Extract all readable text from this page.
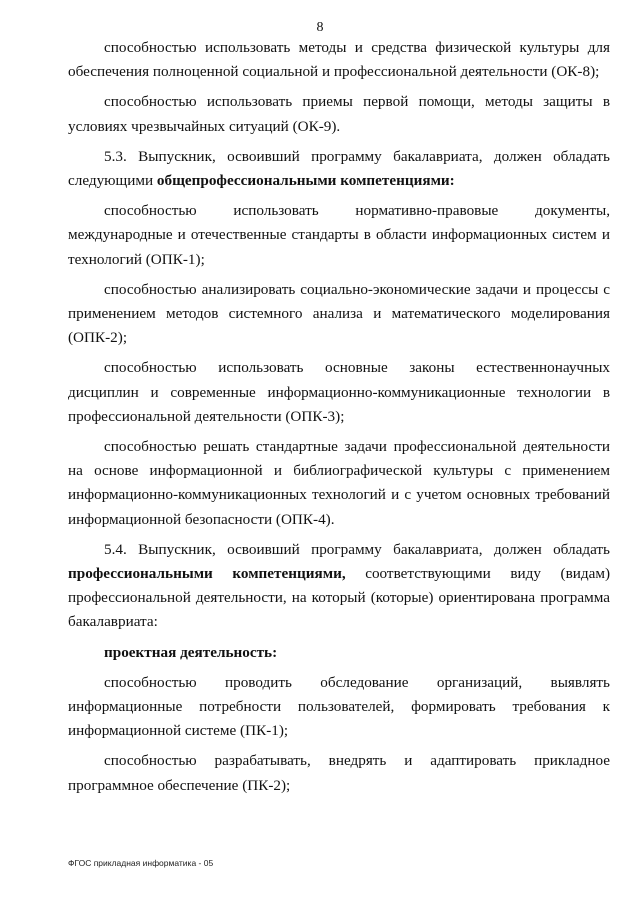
8

способностью использовать методы и средства физической культуры для обеспечения полноценной социальной и профессиональной деятельности (ОК-8);

способностью использовать приемы первой помощи, методы защиты в условиях чрезвычайных ситуаций (ОК-9).

5.3. Выпускник, освоивший программу бакалавриата, должен обладать следующими общепрофессиональными компетенциями:

способностью использовать нормативно-правовые документы, международные и отечественные стандарты в области информационных систем и технологий (ОПК-1);

способностью анализировать социально-экономические задачи и процессы с применением методов системного анализа и математического моделирования (ОПК-2);

способностью использовать основные законы естественнонаучных дисциплин и современные информационно-коммуникационные технологии в профессиональной деятельности (ОПК-3);

способностью решать стандартные задачи профессиональной деятельности на основе информационной и библиографической культуры с применением информационно-коммуникационных технологий и с учетом основных требований информационной безопасности (ОПК-4).

5.4. Выпускник, освоивший программу бакалавриата, должен обладать профессиональными компетенциями, соответствующими виду (видам) профессиональной деятельности, на который (которые) ориентирована программа бакалавриата:

проектная деятельность:

способностью проводить обследование организаций, выявлять информационные потребности пользователей, формировать требования к информационной системе (ПК-1);

способностью разрабатывать, внедрять и адаптировать прикладное программное обеспечение (ПК-2);

ФГОС прикладная информатика - 05
